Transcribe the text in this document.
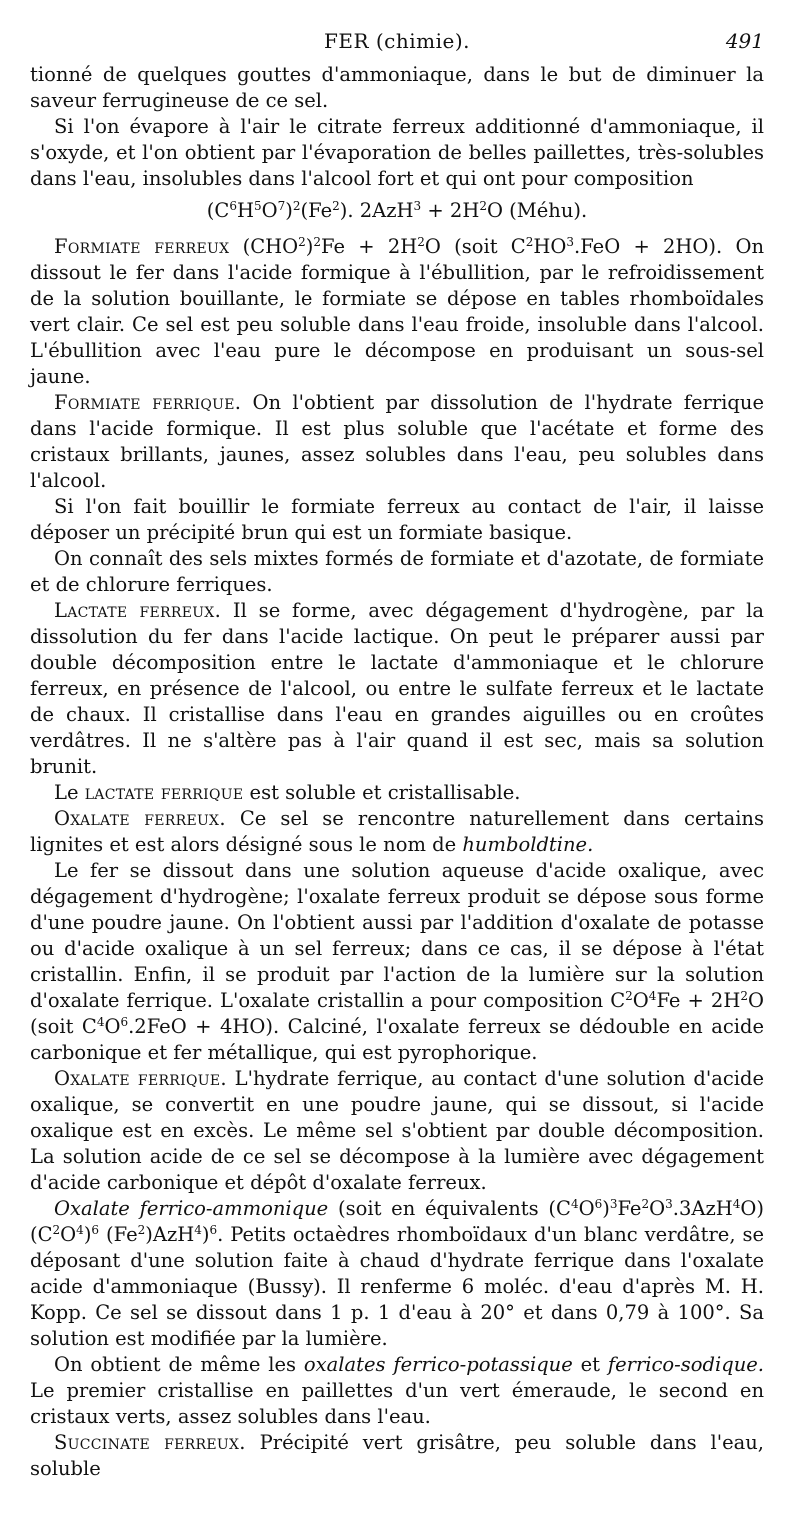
FER (chimie).	491

tionné de quelques gouttes d'ammoniaque, dans le but de diminuer la saveur ferrugineuse de ce sel.

Si l'on évapore à l'air le citrate ferreux additionné d'ammoniaque, il s'oxyde, et l'on obtient par l'évaporation de belles paillettes, très-solubles dans l'eau, insolubles dans l'alcool fort et qui ont pour composition

$(C^6H^5O^7)^2(Fe^2)$. $2AzH^3 + 2H^2O$ (Méhu).

Formiate ferreux $(CHO^2)^2Fe + 2H^2O$ (soit $C^2HO^3.FeO + 2HO$). On dissout le fer dans l'acide formique à l'ébullition, par le refroidissement de la solution bouillante, le formiate se dépose en tables rhomboïdales vert clair. Ce sel est peu soluble dans l'eau froide, insoluble dans l'alcool. L'ébullition avec l'eau pure le décompose en produisant un sous-sel jaune.

Formiate ferrique. On l'obtient par dissolution de l'hydrate ferrique dans l'acide formique. Il est plus soluble que l'acétate et forme des cristaux brillants, jaunes, assez solubles dans l'eau, peu solubles dans l'alcool.

Si l'on fait bouillir le formiate ferreux au contact de l'air, il laisse déposer un précipité brun qui est un formiate basique.

On connaît des sels mixtes formés de formiate et d'azotate, de formiate et de chlorure ferriques.

Lactate ferreux. Il se forme, avec dégagement d'hydrogène, par la dissolution du fer dans l'acide lactique. On peut le préparer aussi par double décomposition entre le lactate d'ammoniaque et le chlorure ferreux, en présence de l'alcool, ou entre le sulfate ferreux et le lactate de chaux. Il cristallise dans l'eau en grandes aiguilles ou en croûtes verdâtres. Il ne s'altère pas à l'air quand il est sec, mais sa solution brunit.

Le lactate ferrique est soluble et cristallisable.

Oxalate ferreux. Ce sel se rencontre naturellement dans certains lignites et est alors désigné sous le nom de humboldtine.

Le fer se dissout dans une solution aqueuse d'acide oxalique, avec dégagement d'hydrogène; l'oxalate ferreux produit se dépose sous forme d'une poudre jaune. On l'obtient aussi par l'addition d'oxalate de potasse ou d'acide oxalique à un sel ferreux; dans ce cas, il se dépose à l'état cristallin. Enfin, il se produit par l'action de la lumière sur la solution d'oxalate ferrique. L'oxalate cristallin a pour composition $C^2O^4Fe + 2H^2O$ (soit $C^4O^6.2FeO + 4HO$). Calciné, l'oxalate ferreux se dédouble en acide carbonique et fer métallique, qui est pyrophorique.

Oxalate ferrique. L'hydrate ferrique, au contact d'une solution d'acide oxalique, se convertit en une poudre jaune, qui se dissout, si l'acide oxalique est en excès. Le même sel s'obtient par double décomposition. La solution acide de ce sel se décompose à la lumière avec dégagement d'acide carbonique et dépôt d'oxalate ferreux.

Oxalate ferrico-ammonique (soit en équivalents $(C^4O^6)^3Fe^2O^3.3AzH^4O$) $(C^2O^4)^6$ (Fe$^2$)AzH$^4$)$^6$. Petits octaèdres rhomboïdaux d'un blanc verdâtre, se déposant d'une solution faite à chaud d'hydrate ferrique dans l'oxalate acide d'ammoniaque (Bussy). Il renferme 6 moléc. d'eau d'après M. H. Kopp. Ce sel se dissout dans 1 p. 1 d'eau à 20° et dans 0,79 à 100°. Sa solution est modifiée par la lumière.

On obtient de même les oxalates ferrico-potassique et ferrico-sodique. Le premier cristallise en paillettes d'un vert émeraude, le second en cristaux verts, assez solubles dans l'eau.

Succinate ferreux. Précipité vert grisâtre, peu soluble dans l'eau, soluble
